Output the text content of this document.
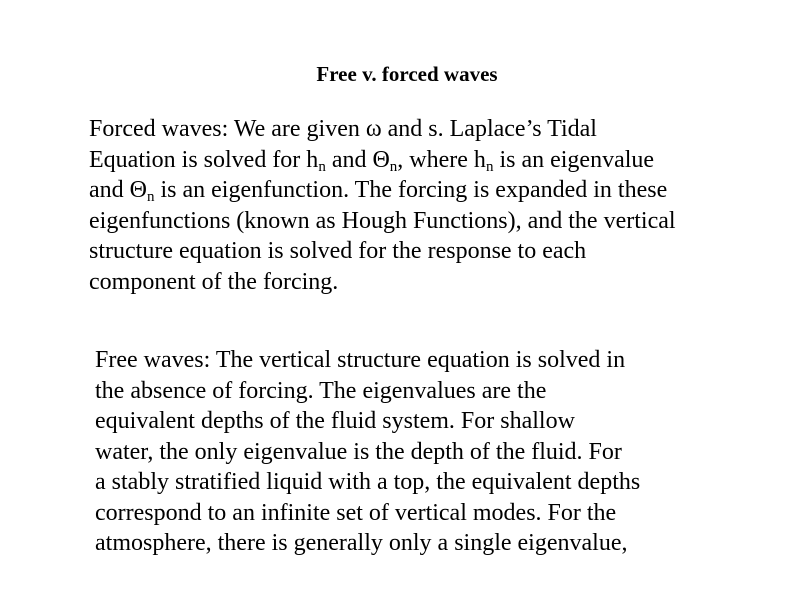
Free v. forced waves
Forced waves: We are given ω and s. Laplace’s Tidal
Equation is solved for $h_n$ and $\Theta_n$, where $h_n$ is an eigenvalue
and $\Theta_n$ is an eigenfunction. The forcing is expanded in these
eigenfunctions (known as Hough Functions), and the vertical
structure equation is solved for the response to each
component of the forcing.
Free waves: The vertical structure equation is solved in
the absence of forcing. The eigenvalues are the
equivalent depths of the fluid system. For shallow
water, the only eigenvalue is the depth of the fluid. For
a stably stratified liquid with a top, the equivalent depths
correspond to an infinite set of vertical modes. For the
atmosphere, there is generally only a single eigenvalue,
